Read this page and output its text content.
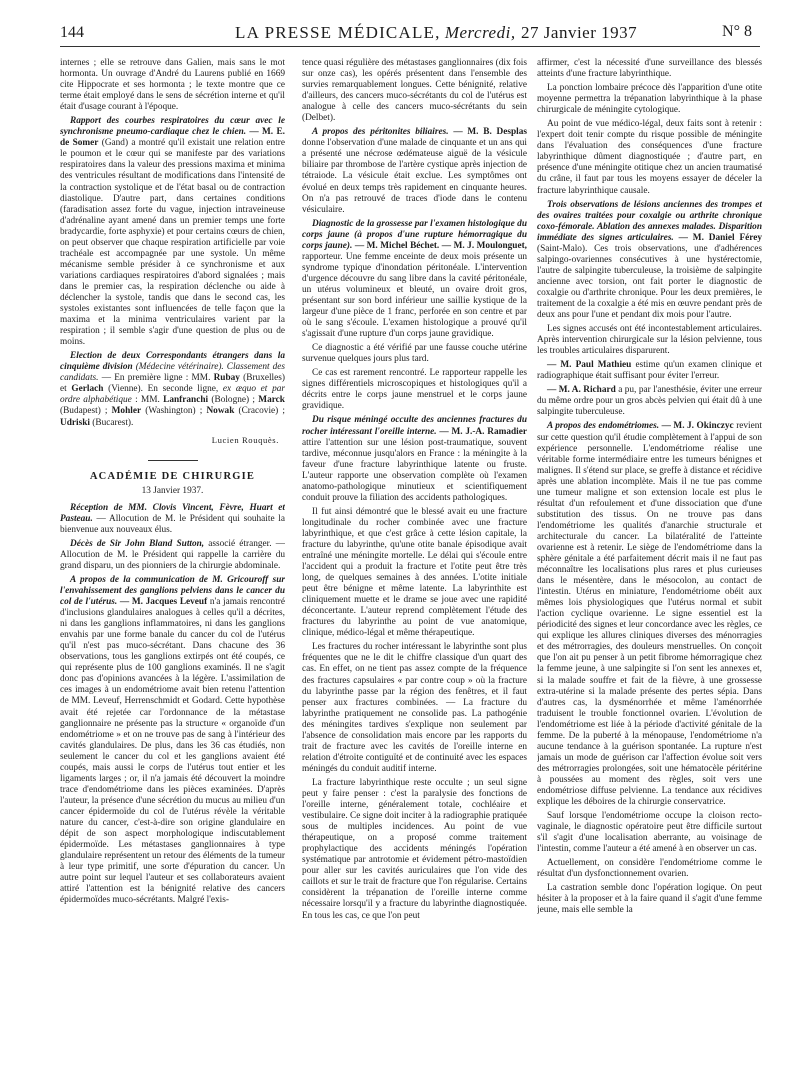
144	LA PRESSE MÉDICALE, Mercredi, 27 Janvier 1937	N° 8

internes ; elle se retrouve dans Galien, mais sans le mot hormonta. Un ouvrage d'André du Laurens publié en 1669 cite Hippocrate et ses hormonta ; le texte montre que ce terme était employé dans le sens de sécrétion interne et qu'il était d'usage courant à l'époque.

Rapport des courbes respiratoires du cœur avec le synchronisme pneumo-cardiaque chez le chien. — M. E. de Somer (Gand) a montré qu'il existait une relation entre le poumon et le cœur qui se manifeste par des variations respiratoires dans la valeur des pressions maxima et minima des ventricules résultant de modifications dans l'intensité de la contraction systolique et de l'état basal ou de contraction diastolique. D'autre part, dans certaines conditions (faradisation assez forte du vague, injection intraveineuse d'adrénaline ayant amené dans un premier temps une forte bradycardie, forte asphyxie) et pour certains cœurs de chien, on peut observer que chaque respiration artificielle par voie trachéale est accompagnée par une systole. Un même mécanisme semble présider à ce synchronisme et aux variations cardiaques respiratoires d'abord signalées ; mais dans le premier cas, la respiration déclenche ou aide à déclencher la systole, tandis que dans le second cas, les systoles existantes sont influencées de telle façon que la maxima et la minima ventriculaires varient par la respiration ; il semble s'agir d'une question de plus ou de moins.

Election de deux Correspondants étrangers dans la cinquième division (Médecine vétérinaire). Classement des candidats. — En première ligne : MM. Rubay (Bruxelles) et Gerlach (Vienne). En seconde ligne, ex æquo et par ordre alphabétique : MM. Lanfranchi (Bologne) ; Marck (Budapest) ; Mohler (Washington) ; Nowak (Cracovie) ; Udriski (Bucarest).

Lucien Rouquès.
ACADÉMIE DE CHIRURGIE
13 Janvier 1937.

Réception de MM. Clovis Vincent, Fèvre, Huart et Pasteau. — Allocution de M. le Président qui souhaite la bienvenue aux nouveaux élus.

Décès de Sir John Bland Sutton, associé étranger. — Allocution de M. le Président qui rappelle la carrière du grand disparu, un des pionniers de la chirurgie abdominale.

A propos de la communication de M. Gricouroff sur l'envahissement des ganglions pelviens dans le cancer du col de l'utérus. — M. Jacques Leveuf n'a jamais rencontré d'inclusions glandulaires analogues à celles qu'il a décrites, ni dans les ganglions inflammatoires, ni dans les ganglions envahis par une forme banale du cancer du col de l'utérus qu'il n'est pas muco-sécrétant. Dans chacune des 36 observations, tous les ganglions extirpés ont été coupés, ce qui représente plus de 100 ganglions examinés. Il ne s'agit donc pas d'opinions avancées à la légère. L'assimilation de ces images à un endométriome avait bien retenu l'attention de MM. Leveuf, Herrenschmidt et Godard. Cette hypothèse avait été rejetée car l'ordonnance de la métastase ganglionnaire ne présente pas la structure « organoïde d'un endométriome » et on ne trouve pas de sang à l'intérieur des cavités glandulaires. De plus, dans les 36 cas étudiés, non seulement le cancer du col et les ganglions avaient été coupés, mais aussi le corps de l'utérus tout entier et les ligaments larges ; or, il n'a jamais été découvert la moindre trace d'endométriome dans les pièces examinées. D'après l'auteur, la présence d'une sécrétion du mucus au milieu d'un cancer épidermoïde du col de l'utérus révèle la véritable nature du cancer, c'est-à-dire son origine glandulaire en dépit de son aspect morphologique indiscutablement épidermoïde. Les métastases ganglionnaires à type glandulaire représentent un retour des éléments de la tumeur à leur type primitif, une sorte d'épuration du cancer. Un autre point sur lequel l'auteur et ses collaborateurs avaient attiré l'attention est la bénignité relative des cancers épidermoïdes muco-sécrétants. Malgré l'exis-

tence quasi régulière des métastases ganglionnaires (dix fois sur onze cas), les opérés présentent dans l'ensemble des survies remarquablement longues. Cette bénignité, relative d'ailleurs, des cancers muco-sécrétants du col de l'utérus est analogue à celle des cancers muco-sécrétants du sein (Delbet).

A propos des péritonites biliaires. — M. B. Desplas donne l'observation d'une malade de cinquante et un ans qui a présenté une nécrose œdémateuse aiguë de la vésicule biliaire par thrombose de l'artère cystique après injection de tétraiode. La vésicule était exclue. Les symptômes ont évolué en deux temps très rapidement en cinquante heures. On n'a pas retrouvé de traces d'iode dans le contenu vésiculaire.

Diagnostic de la grossesse par l'examen histologique du corps jaune (à propos d'une rupture hémorragique du corps jaune). — M. Michel Béchet. — M. J. Moulonguet, rapporteur. Une femme enceinte de deux mois présente un syndrome typique d'inondation péritonéale. L'intervention d'urgence découvre du sang libre dans la cavité péritonéale, un utérus volumineux et bleuté, un ovaire droit gros, présentant sur son bord inférieur une saillie kystique de la largeur d'une pièce de 1 franc, perforée en son centre et par où le sang s'écoule. L'examen histologique a prouvé qu'il s'agissait d'une rupture d'un corps jaune gravidique.

Ce diagnostic a été vérifié par une fausse couche utérine survenue quelques jours plus tard.

Ce cas est rarement rencontré. Le rapporteur rappelle les signes différentiels microscopiques et histologiques qu'il a décrits entre le corps jaune menstruel et le corps jaune gravidique.

Du risque méningé occulte des anciennes fractures du rocher intéressant l'oreille interne. — M. J.-A. Ramadier attire l'attention sur une lésion post-traumatique, souvent tardive, méconnue jusqu'alors en France : la méningite à la faveur d'une fracture labyrinthique latente ou fruste. L'auteur rapporte une observation complète où l'examen anatomo-pathologique minutieux et scientifiquement conduit prouve la filiation des accidents pathologiques.

Il fut ainsi démontré que le blessé avait eu une fracture longitudinale du rocher combinée avec une fracture labyrinthique, et que c'est grâce à cette lésion capitale, la fracture du labyrinthe, qu'une otite banale épisodique avait entraîné une méningite mortelle. Le délai qui s'écoule entre l'accident qui a produit la fracture et l'otite peut être très long, de quelques semaines à des années. L'otite initiale peut être bénigne et même latente. La labyrinthite est cliniquement muette et le drame se joue avec une rapidité déconcertante. L'auteur reprend complètement l'étude des fractures du labyrinthe au point de vue anatomique, clinique, médico-légal et même thérapeutique.

Les fractures du rocher intéressant le labyrinthe sont plus fréquentes que ne le dit le chiffre classique d'un quart des cas. En effet, on ne tient pas assez compte de la fréquence des fractures capsulaires « par contre coup » où la fracture du labyrinthe passe par la région des fenêtres, et il faut penser aux fractures combinées. — La fracture du labyrinthe pratiquement ne consolide pas. La pathogénie des méningites tardives s'explique non seulement par l'absence de consolidation mais encore par les rapports du trait de fracture avec les cavités de l'oreille interne en relation d'étroite contiguïté et de continuité avec les espaces méningés du conduit auditif interne.

La fracture labyrinthique reste occulte ; un seul signe peut y faire penser : c'est la paralysie des fonctions de l'oreille interne, généralement totale, cochléaire et vestibulaire. Ce signe doit inciter à la radiographie pratiquée sous de multiples incidences. Au point de vue thérapeutique, on a proposé comme traitement prophylactique des accidents méningés l'opération systématique par antrotomie et évidement pétro-mastoïdien pour aller sur les cavités auriculaires que l'on vide des caillots et sur le trait de fracture que l'on régularise. Certains considèrent la trépanation de l'oreille interne comme nécessaire lorsqu'il y a fracture du labyrinthe diagnostiquée. En tous les cas, ce que l'on peut

affirmer, c'est la nécessité d'une surveillance des blessés atteints d'une fracture labyrinthique.

La ponction lombaire précoce dès l'apparition d'une otite moyenne permettra la trépanation labyrinthique à la phase chirurgicale de méningite cytologique.

Au point de vue médico-légal, deux faits sont à retenir : l'expert doit tenir compte du risque possible de méningite dans l'évaluation des conséquences d'une fracture labyrinthique dûment diagnostiquée ; d'autre part, en présence d'une méningite otitique chez un ancien traumatisé du crâne, il faut par tous les moyens essayer de déceler la fracture labyrinthique causale.

Trois observations de lésions anciennes des trompes et des ovaires traitées pour coxalgie ou arthrite chronique coxo-fémorale. Ablation des annexes malades. Disparition immédiate des signes articulaires. — M. Daniel Férey (Saint-Malo). Ces trois observations, une d'adhérences salpingo-ovariennes consécutives à une hystérectomie, l'autre de salpingite tuberculeuse, la troisième de salpingite ancienne avec torsion, ont fait porter le diagnostic de coxalgie ou d'arthrite chronique. Pour les deux premières, le traitement de la coxalgie a été mis en œuvre pendant près de deux ans pour l'une et pendant dix mois pour l'autre.

Les signes accusés ont été incontestablement articulaires. Après intervention chirurgicale sur la lésion pelvienne, tous les troubles articulaires disparurent.

— M. Paul Mathieu estime qu'un examen clinique et radiographique était suffisant pour éviter l'erreur.

— M. A. Richard a pu, par l'anesthésie, éviter une erreur du même ordre pour un gros abcès pelvien qui était dû à une salpingite tuberculeuse.

A propos des endométriomes. — M. J. Okinczyc revient sur cette question qu'il étudie complètement à l'appui de son expérience personnelle. L'endométriome réalise une véritable forme intermédiaire entre les tumeurs bénignes et malignes. Il s'étend sur place, se greffe à distance et récidive après une ablation incomplète. Mais il ne tue pas comme une tumeur maligne et son extension locale est plus le résultat d'un refoulement et d'une dissociation que d'une substitution des tissus. On ne trouve pas dans l'endométriome les qualités d'anarchie structurale et architecturale du cancer. La bilatéralité de l'atteinte ovarienne est à retenir. Le siège de l'endométriome dans la sphère génitale a été parfaitement décrit mais il ne faut pas méconnaître les localisations plus rares et plus curieuses dans le mésentère, dans le mésocolon, au contact de l'intestin. Utérus en miniature, l'endométriome obéit aux mêmes lois physiologiques que l'utérus normal et subit l'action cyclique ovarienne. Le signe essentiel est la périodicité des signes et leur concordance avec les règles, ce qui explique les allures cliniques diverses des ménorragies et des métrorragies, des douleurs menstruelles. On conçoit que l'on ait pu penser à un petit fibrome hémorragique chez la femme jeune, à une salpingite si l'on sent les annexes et, si la malade souffre et fait de la fièvre, à une grossesse extra-utérine si la malade présente des pertes sépia. Dans d'autres cas, la dysménorrhée et même l'aménorrhée traduisent le trouble fonctionnel ovarien. L'évolution de l'endométriome est liée à la période d'activité génitale de la femme. De la puberté à la ménopause, l'endométriome n'a aucune tendance à la guérison spontanée. La rupture n'est jamais un mode de guérison car l'affection évolue soit vers des métrorragies prolongées, soit une hématocèle péritérine à poussées au moment des règles, soit vers une endométriose diffuse pelvienne. La tendance aux récidives explique les déboires de la chirurgie conservatrice.

Sauf lorsque l'endométriome occupe la cloison recto-vaginale, le diagnostic opératoire peut être difficile surtout s'il s'agit d'une localisation aberrante, au voisinage de l'intestin, comme l'auteur a été amené à en observer un cas.

Actuellement, on considère l'endométriome comme le résultat d'un dysfonctionnement ovarien.

La castration semble donc l'opération logique. On peut hésiter à la proposer et à la faire quand il s'agit d'une femme jeune, mais elle semble la
